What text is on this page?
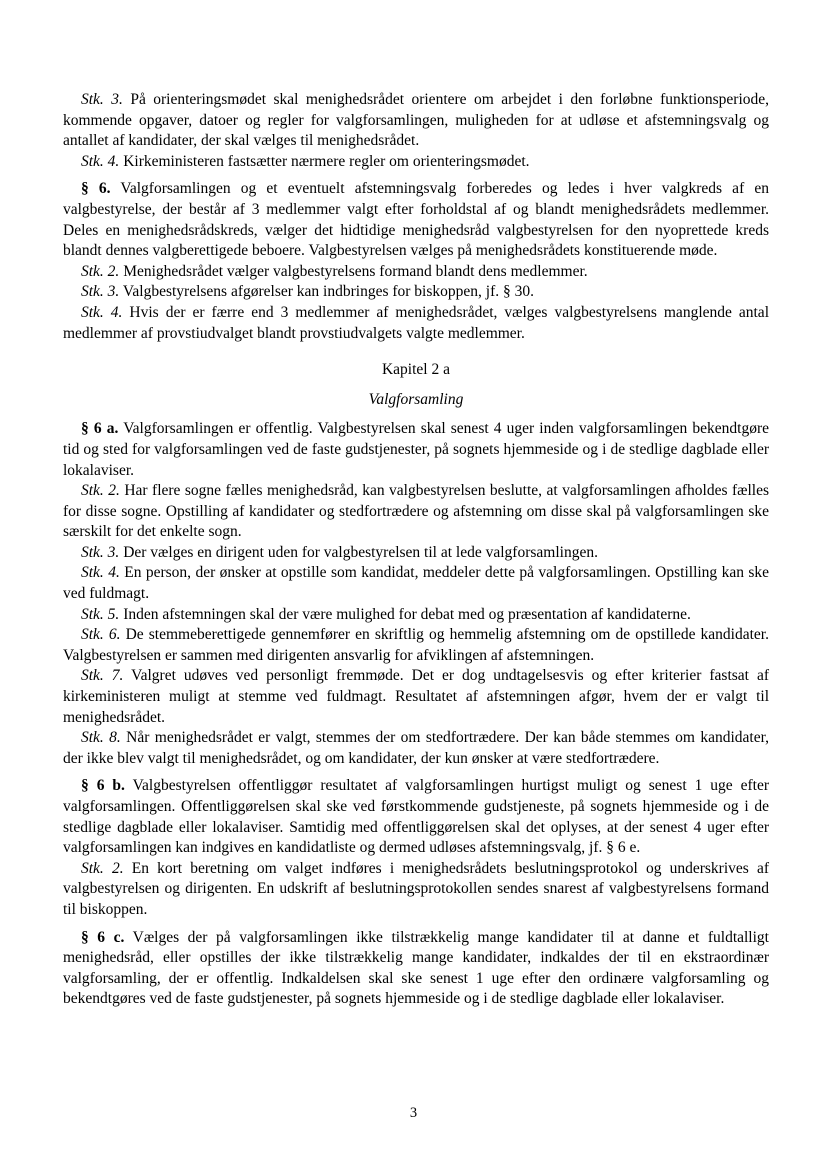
Stk. 3. På orienteringsmødet skal menighedsrådet orientere om arbejdet i den forløbne funktionsperiode, kommende opgaver, datoer og regler for valgforsamlingen, muligheden for at udløse et afstemningsvalg og antallet af kandidater, der skal vælges til menighedsrådet.

Stk. 4. Kirkeministeren fastsætter nærmere regler om orienteringsmødet.

§ 6. Valgforsamlingen og et eventuelt afstemningsvalg forberedes og ledes i hver valgkreds af en valgbestyrelse, der består af 3 medlemmer valgt efter forholdstal af og blandt menighedsrådets medlemmer. Deles en menighedsrådskreds, vælger det hidtidige menighedsråd valgbestyrelsen for den nyoprettede kreds blandt dennes valgberettigede beboere. Valgbestyrelsen vælges på menighedsrådets konstituerende møde.

Stk. 2. Menighedsrådet vælger valgbestyrelsens formand blandt dens medlemmer.

Stk. 3. Valgbestyrelsens afgørelser kan indbringes for biskoppen, jf. § 30.

Stk. 4. Hvis der er færre end 3 medlemmer af menighedsrådet, vælges valgbestyrelsens manglende antal medlemmer af provstiudvalget blandt provstiudvalgets valgte medlemmer.

Kapitel 2 a
Valgforsamling

§ 6 a. Valgforsamlingen er offentlig. Valgbestyrelsen skal senest 4 uger inden valgforsamlingen bekendtgøre tid og sted for valgforsamlingen ved de faste gudstjenester, på sognets hjemmeside og i de stedlige dagblade eller lokalaviser.

Stk. 2. Har flere sogne fælles menighedsråd, kan valgbestyrelsen beslutte, at valgforsamlingen afholdes fælles for disse sogne. Opstilling af kandidater og stedfortrædere og afstemning om disse skal på valgforsamlingen ske særskilt for det enkelte sogn.

Stk. 3. Der vælges en dirigent uden for valgbestyrelsen til at lede valgforsamlingen.

Stk. 4. En person, der ønsker at opstille som kandidat, meddeler dette på valgforsamlingen. Opstilling kan ske ved fuldmagt.

Stk. 5. Inden afstemningen skal der være mulighed for debat med og præsentation af kandidaterne.

Stk. 6. De stemmeberettigede gennemfører en skriftlig og hemmelig afstemning om de opstillede kandidater. Valgbestyrelsen er sammen med dirigenten ansvarlig for afviklingen af afstemningen.

Stk. 7. Valgret udøves ved personligt fremmøde. Det er dog undtagelsesvis og efter kriterier fastsat af kirkeministeren muligt at stemme ved fuldmagt. Resultatet af afstemningen afgør, hvem der er valgt til menighedsrådet.

Stk. 8. Når menighedsrådet er valgt, stemmes der om stedfortrædere. Der kan både stemmes om kandidater, der ikke blev valgt til menighedsrådet, og om kandidater, der kun ønsker at være stedfortrædere.

§ 6 b. Valgbestyrelsen offentliggør resultatet af valgforsamlingen hurtigst muligt og senest 1 uge efter valgforsamlingen. Offentliggørelsen skal ske ved førstkommende gudstjeneste, på sognets hjemmeside og i de stedlige dagblade eller lokalaviser. Samtidig med offentliggørelsen skal det oplyses, at der senest 4 uger efter valgforsamlingen kan indgives en kandidatliste og dermed udløses afstemningsvalg, jf. § 6 e.

Stk. 2. En kort beretning om valget indføres i menighedsrådets beslutningsprotokol og underskrives af valgbestyrelsen og dirigenten. En udskrift af beslutningsprotokollen sendes snarest af valgbestyrelsens formand til biskoppen.

§ 6 c. Vælges der på valgforsamlingen ikke tilstrækkelig mange kandidater til at danne et fuldtalligt menighedsråd, eller opstilles der ikke tilstrækkelig mange kandidater, indkaldes der til en ekstraordinær valgforsamling, der er offentlig. Indkaldelsen skal ske senest 1 uge efter den ordinære valgforsamling og bekendtgøres ved de faste gudstjenester, på sognets hjemmeside og i de stedlige dagblade eller lokalaviser.

3
